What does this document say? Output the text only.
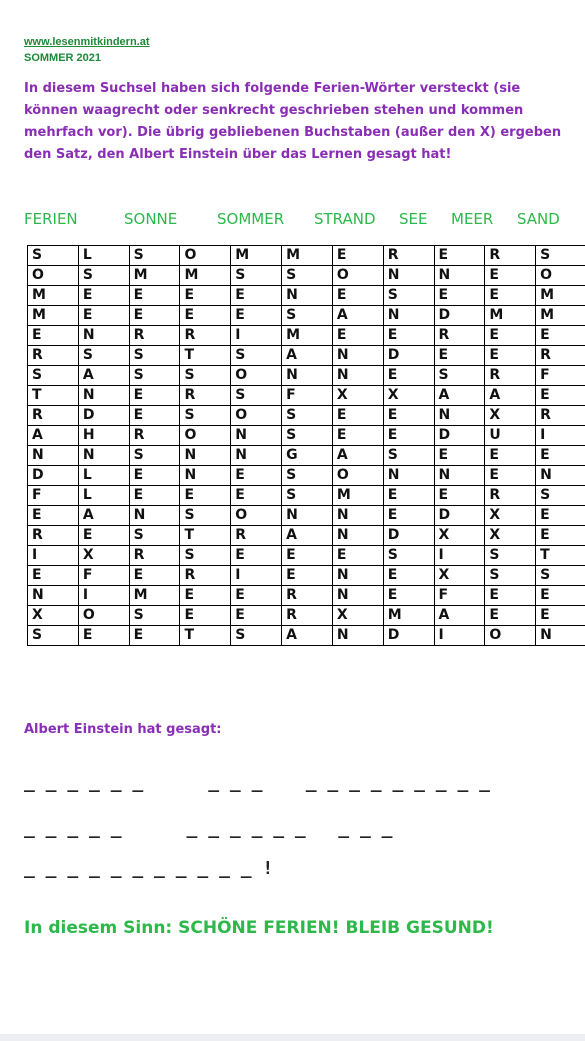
www.lesenmitkindern.at
SOMMER 2021
In diesem Suchsel haben sich folgende Ferien-Wörter versteckt (sie können waagrecht oder senkrecht geschrieben stehen und kommen mehrfach vor). Die übrig gebliebenen Buchstaben (außer den X) ergeben den Satz, den Albert Einstein über das Lernen gesagt hat!
FERIEN	SONNE	SOMMER STRAND SEE MEER SAND
S	L	S	O	M	M	E	R	E	R	S
O	S	M	M	S	S	O	N	N	E	O
M	E	E	E	E	N	E	S	E	E	M
M	E	E	E	E	S	A	N	D	M	M
E	N	R	R	I	M	E	E	R	E	E
R	S	S	T	S	A	N	D	E	E	R
S	A	S	S	O	N	N	E	S	R	F
T	N	E	R	S	F	X	X	A	A	E
R	D	E	S	O	S	E	E	N	X	R
A	H	R	O	N	S	E	E	D	U	I
N	N	S	N	N	G	A	S	E	E	E
D	L	E	N	E	S	O	N	N	E	N
F	L	E	E	E	S	M	E	E	R	S
E	A	N	S	O	N	N	E	D	X	E
R	E	S	T	R	A	N	D	X	X	E
I	X	R	S	E	E	E	S	I	S	T
E	F	E	R	I	E	N	E	X	S	S
N	I	M	E	E	R	N	E	F	E	E
X	O	S	E	E	R	X	M	A	E	E
S	E	E	T	S	A	N	D	I	O	N
Albert Einstein hat gesagt:
_ _ _ _ _ _      _ _ _    _ _ _ _ _ _ _ _ _
_ _ _ _ _      _ _ _ _ _ _   _ _ _
_ _ _ _ _ _ _ _ _ _ _ !
In diesem Sinn: SCHÖNE FERIEN! BLEIB GESUND!
